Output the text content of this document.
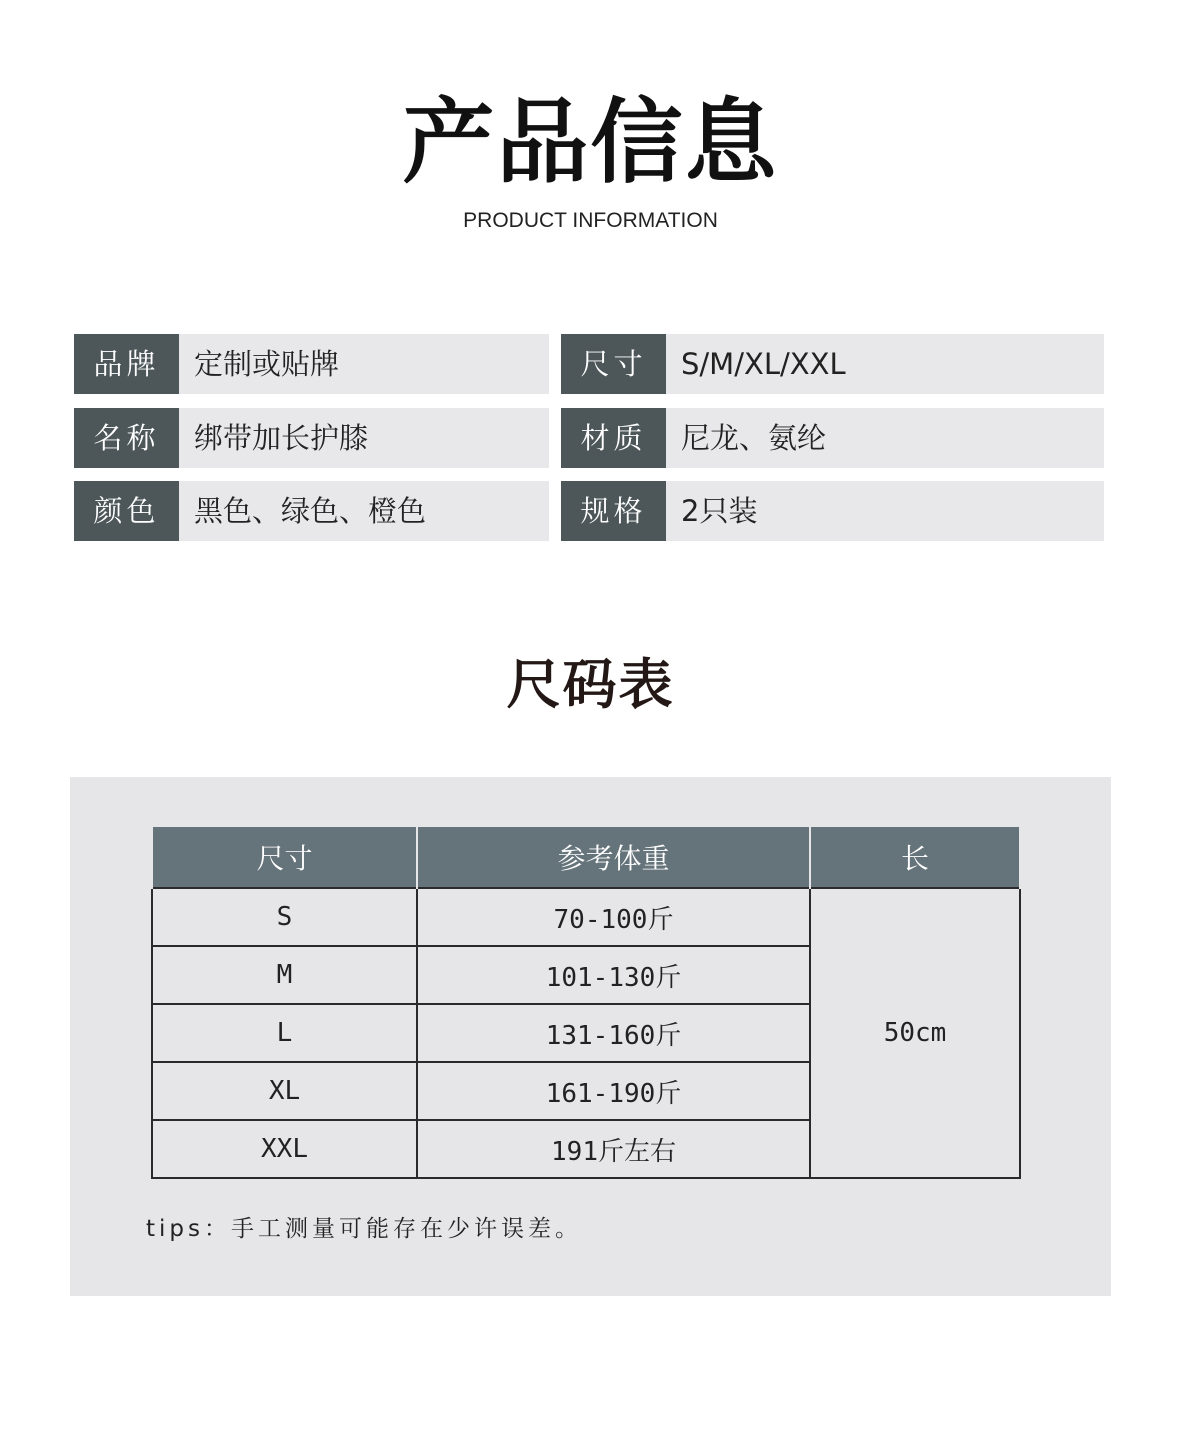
产品信息
PRODUCT INFORMATION
品牌	定制或贴牌
名称	绑带加长护膝
颜色	黑色、绿色、橙色
尺寸	S/M/XL/XXL
材质	尼龙、氨纶
规格	2只装
尺码表
尺寸	参考体重	长
S	70-100斤	50cm
M	101-130斤	
L	131-160斤	
XL	161-190斤	
XXL	191斤左右	
tips：手工测量可能存在少许误差。
